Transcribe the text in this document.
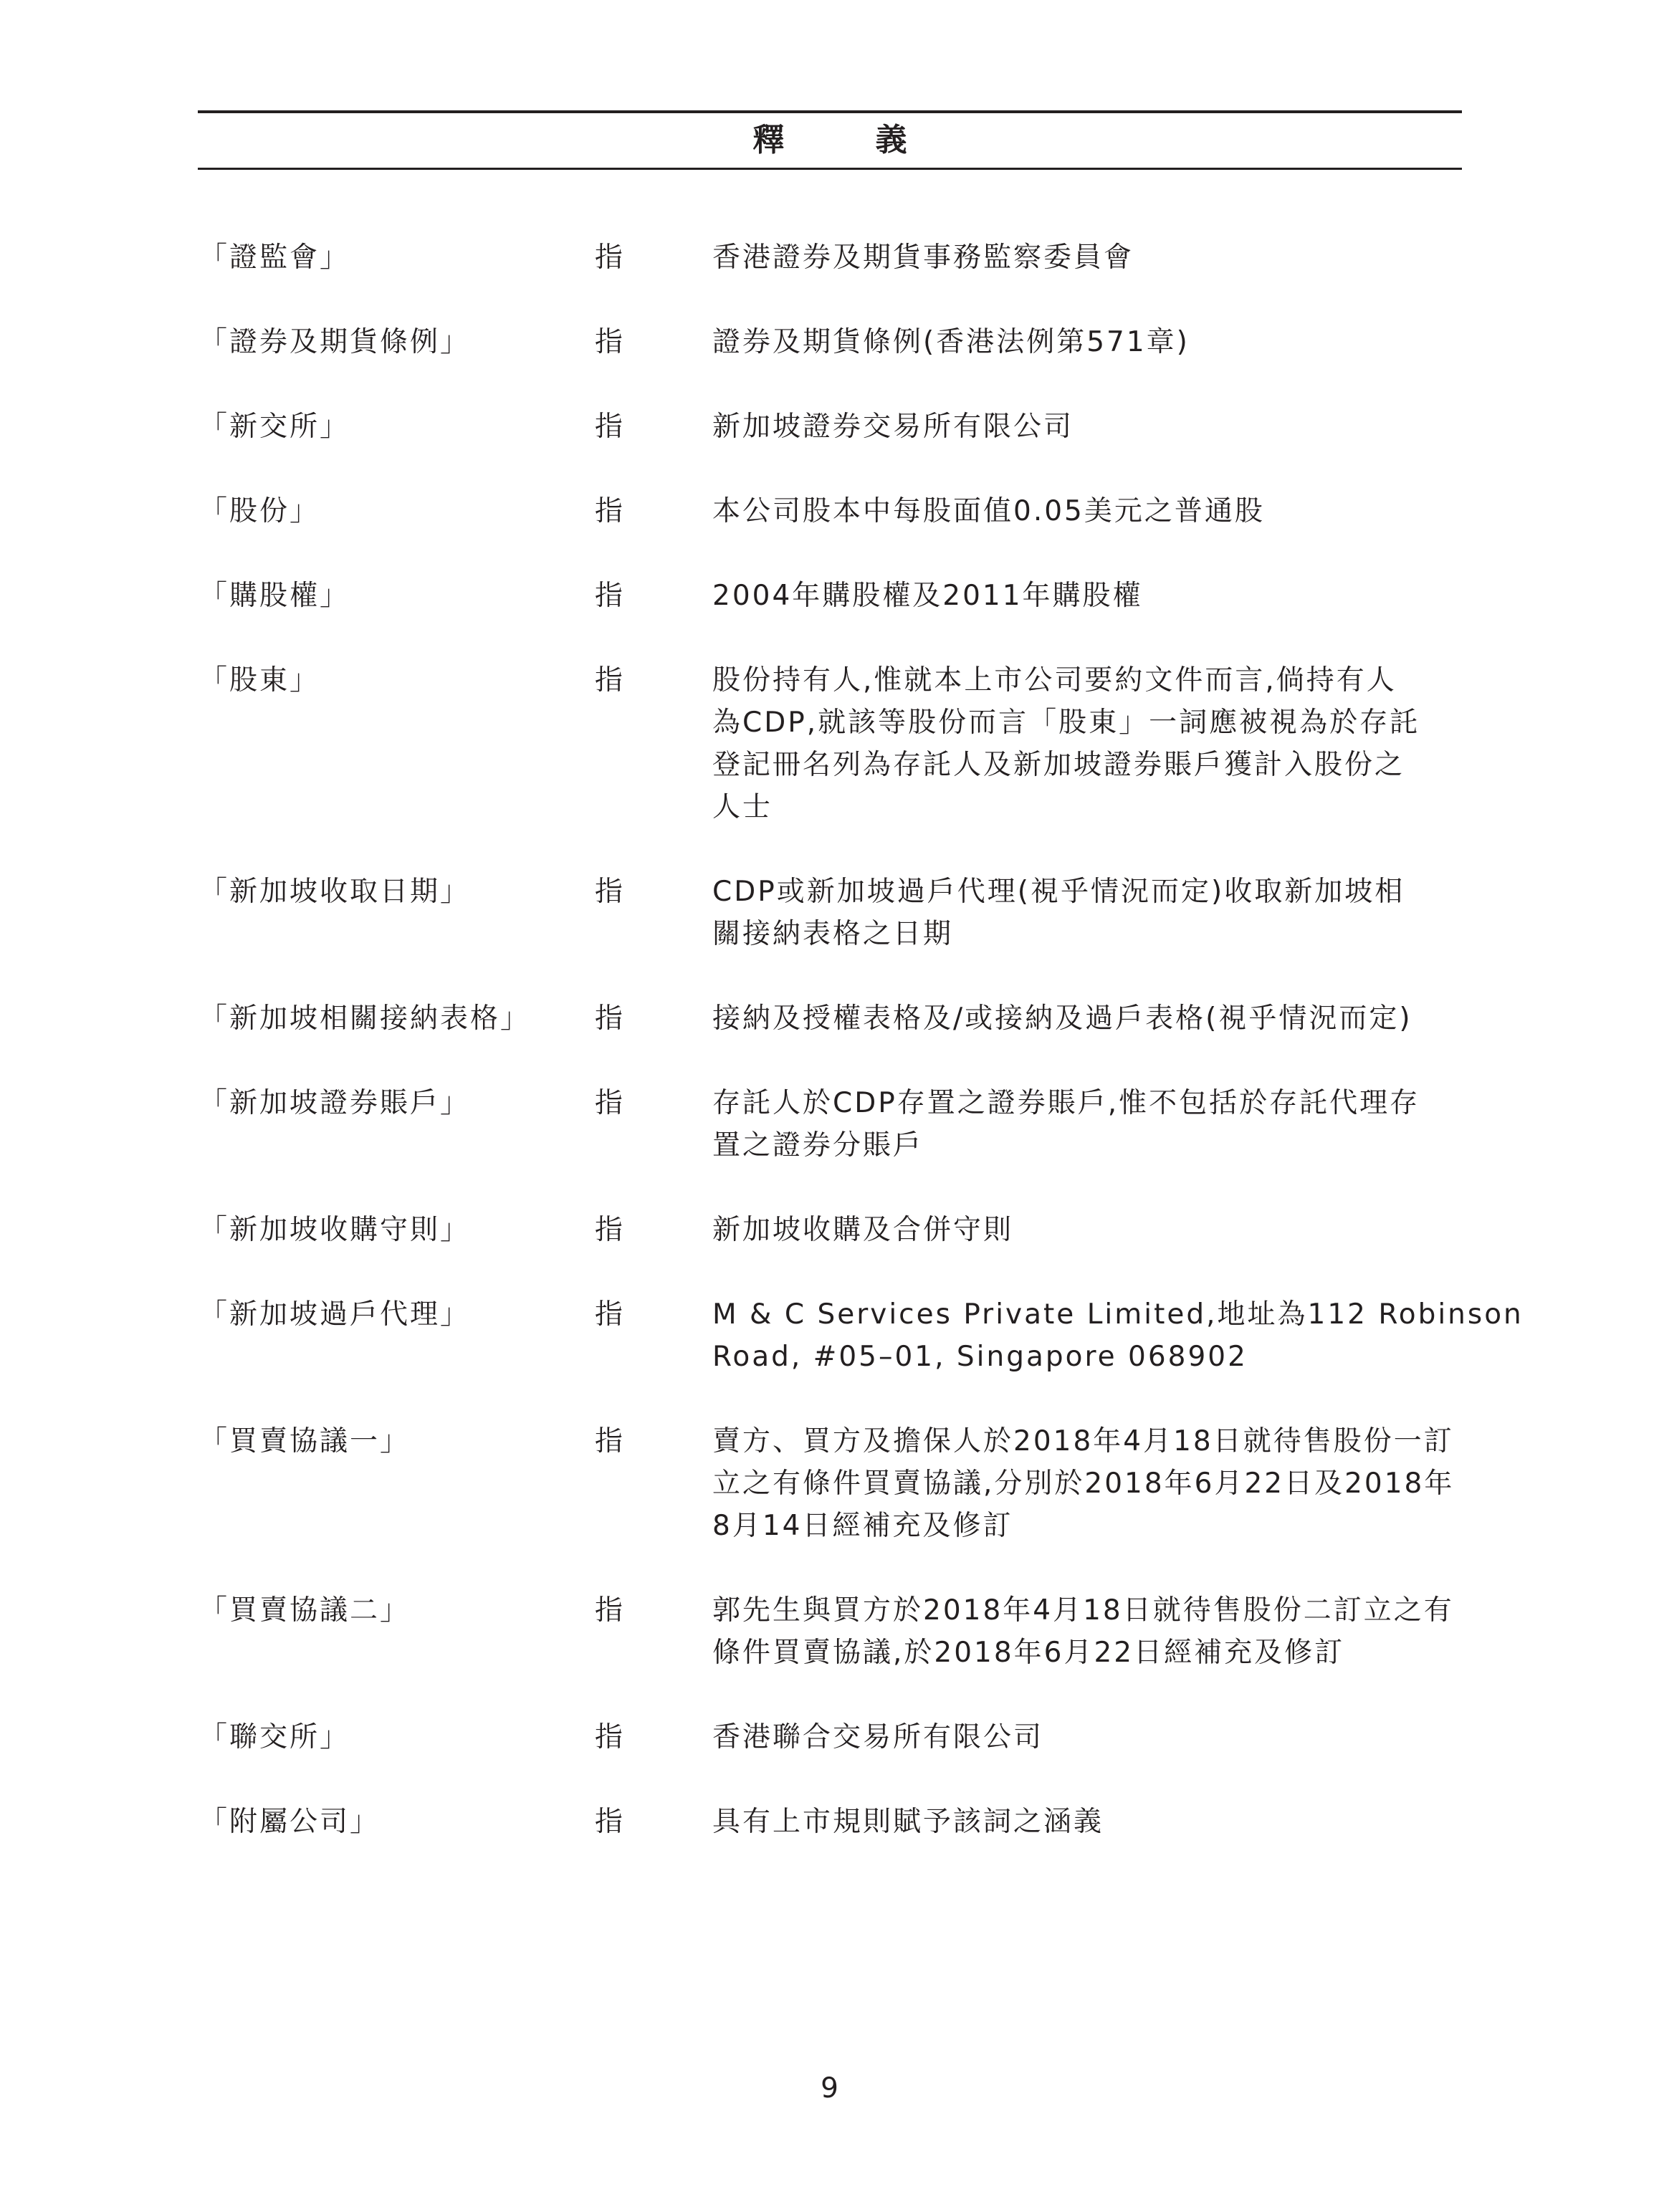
釋 義
「證監會」	指	香港證券及期貨事務監察委員會
「證券及期貨條例」	指	證券及期貨條例(香港法例第571章)
「新交所」	指	新加坡證券交易所有限公司
「股份」	指	本公司股本中每股面值0.05美元之普通股
「購股權」	指	2004年購股權及2011年購股權
「股東」	指	股份持有人,惟就本上市公司要約文件而言,倘持有人
為CDP,就該等股份而言「股東」一詞應被視為於存託
登記冊名列為存託人及新加坡證券賬戶獲計入股份之
人士
「新加坡收取日期」	指	CDP或新加坡過戶代理(視乎情況而定)收取新加坡相
關接納表格之日期
「新加坡相關接納表格」	指	接納及授權表格及/或接納及過戶表格(視乎情況而定)
「新加坡證券賬戶」	指	存託人於CDP存置之證券賬戶,惟不包括於存託代理存
置之證券分賬戶
「新加坡收購守則」	指	新加坡收購及合併守則
「新加坡過戶代理」	指	M & C Services Private Limited,地址為112 Robinson
Road, #05–01, Singapore 068902
「買賣協議一」	指	賣方、買方及擔保人於2018年4月18日就待售股份一訂
立之有條件買賣協議,分別於2018年6月22日及2018年
8月14日經補充及修訂
「買賣協議二」	指	郭先生與買方於2018年4月18日就待售股份二訂立之有
條件買賣協議,於2018年6月22日經補充及修訂
「聯交所」	指	香港聯合交易所有限公司
「附屬公司」	指	具有上市規則賦予該詞之涵義
9
